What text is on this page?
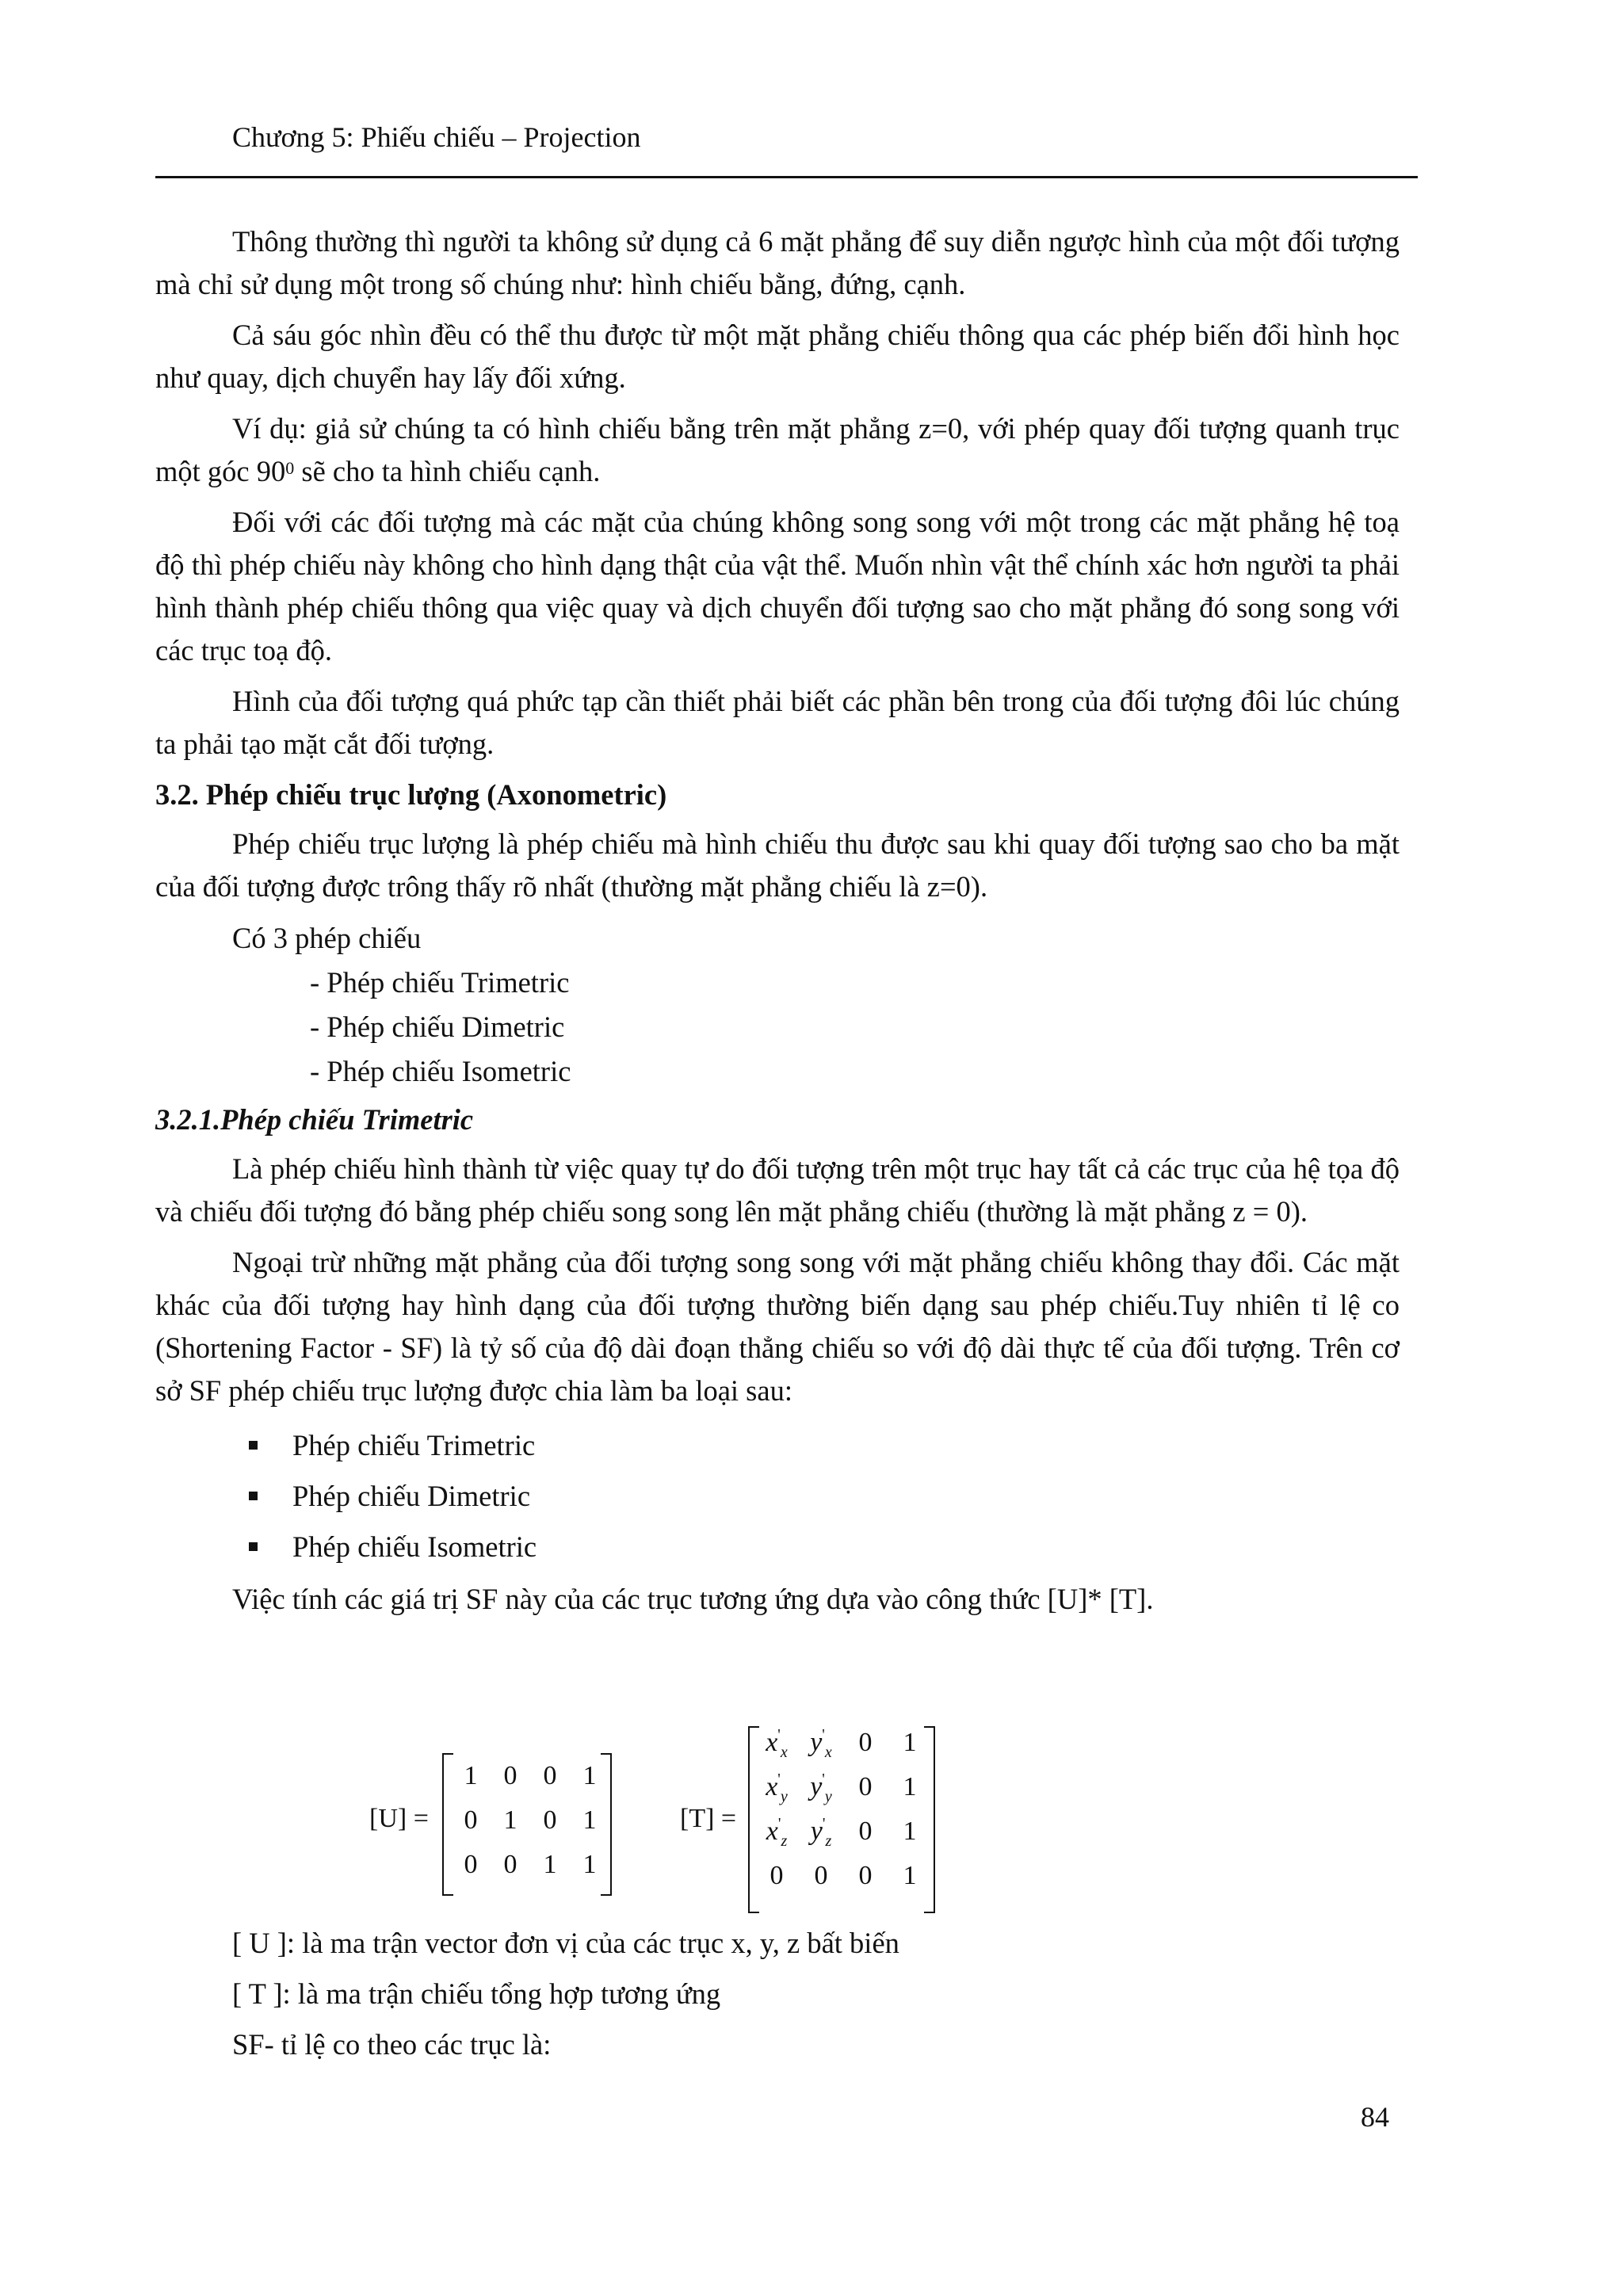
Chương 5: Phiếu chiếu – Projection

Thông thường thì người ta không sử dụng cả 6 mặt phẳng để suy diễn ngược hình của một đối tượng mà chỉ sử dụng một trong số chúng như: hình chiếu bằng, đứng, cạnh.

Cả sáu góc nhìn đều có thể thu được từ một mặt phẳng chiếu thông qua các phép biến đổi hình học như quay, dịch chuyển hay lấy đối xứng.

Ví dụ: giả sử chúng ta có hình chiếu bằng trên mặt phẳng z=0, với phép quay đối tượng quanh trục một góc $90^0$ sẽ cho ta hình chiếu cạnh.

Đối với các đối tượng mà các mặt của chúng không song song với một trong các mặt phẳng hệ toạ độ thì phép chiếu này không cho hình dạng thật của vật thể. Muốn nhìn vật thể chính xác hơn người ta phải hình thành phép chiếu thông qua việc quay và dịch chuyển đối tượng sao cho mặt phẳng đó song song với các trục toạ độ.

Hình của đối tượng quá phức tạp cần thiết phải biết các phần bên trong của đối tượng đôi lúc chúng ta phải tạo mặt cắt đối tượng.

3.2. Phép chiếu trục lượng (Axonometric)

Phép chiếu trục lượng là phép chiếu mà hình chiếu thu được sau khi quay đối tượng sao cho ba mặt của đối tượng được trông thấy rõ nhất (thường mặt phẳng chiếu là z=0).

Có 3 phép chiếu

- Phép chiếu Trimetric

- Phép chiếu Dimetric

- Phép chiếu Isometric

3.2.1.Phép chiếu Trimetric

Là phép chiếu hình thành từ việc quay tự do đối tượng trên một trục hay tất cả các trục của hệ tọa độ và chiếu đối tượng đó bằng phép chiếu song song lên mặt phẳng chiếu (thường là mặt phẳng z = 0).

Ngoại trừ những mặt phẳng của đối tượng song song với mặt phẳng chiếu không thay đổi. Các mặt khác của đối tượng hay hình dạng của đối tượng thường biến dạng sau phép chiếu.Tuy nhiên tỉ lệ co (Shortening Factor - SF) là tỷ số của độ dài đoạn thẳng chiếu so với độ dài thực tế của đối tượng. Trên cơ sở SF phép chiếu trục lượng được chia làm ba loại sau:

Phép chiếu Trimetric
Phép chiếu Dimetric
Phép chiếu Isometric

Việc tính các giá trị SF này của các trục tương ứng dựa vào công thức [U]* [T].

[U] =
1 0 0 1
0 1 0 1
0 0 1 1
[T] =
$x'_x$ $y'_x$ 0	1
$x'_y$ $y'_y$ 0	1
$x'_z$ $y'_z$	0	1
0	0	0	1

[ U ]: là ma trận vector đơn vị của các trục x, y, z bất biến

[ T ]: là ma trận chiếu tổng hợp tương ứng

SF- tỉ lệ co theo các trục là:

84
